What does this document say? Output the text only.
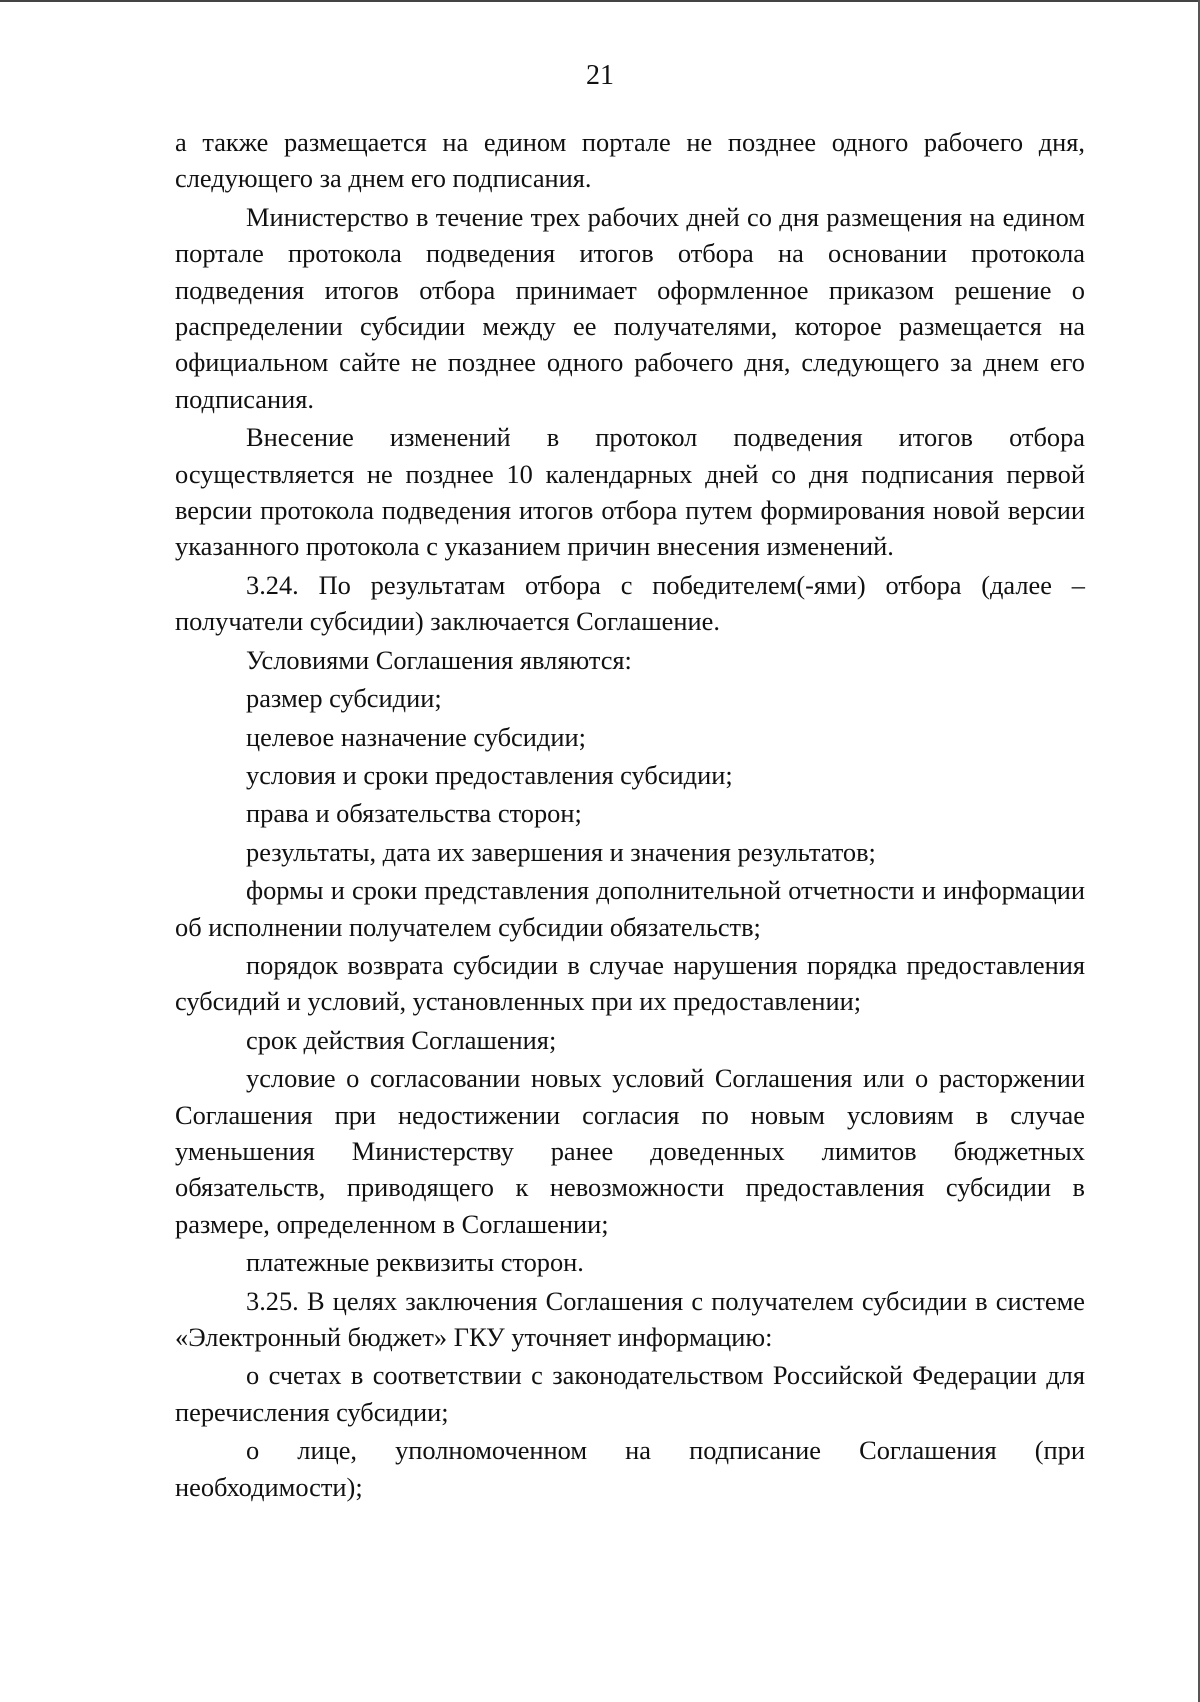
21

а также размещается на едином портале не позднее одного рабочего дня, следующего за днем его подписания.

Министерство в течение трех рабочих дней со дня размещения на едином портале протокола подведения итогов отбора на основании протокола подведения итогов отбора принимает оформленное приказом решение о распределении субсидии между ее получателями, которое размещается на официальном сайте не позднее одного рабочего дня, следующего за днем его подписания.

Внесение изменений в протокол подведения итогов отбора осуществляется не позднее 10 календарных дней со дня подписания первой версии протокола подведения итогов отбора путем формирования новой версии указанного протокола с указанием причин внесения изменений.

3.24. По результатам отбора с победителем(-ями) отбора (далее – получатели субсидии) заключается Соглашение.

Условиями Соглашения являются:

размер субсидии;

целевое назначение субсидии;

условия и сроки предоставления субсидии;

права и обязательства сторон;

результаты, дата их завершения и значения результатов;

формы и сроки представления дополнительной отчетности и информации об исполнении получателем субсидии обязательств;

порядок возврата субсидии в случае нарушения порядка предоставления субсидий и условий, установленных при их предоставлении;

срок действия Соглашения;

условие о согласовании новых условий Соглашения или о расторжении Соглашения при недостижении согласия по новым условиям в случае уменьшения Министерству ранее доведенных лимитов бюджетных обязательств, приводящего к невозможности предоставления субсидии в размере, определенном в Соглашении;

платежные реквизиты сторон.

3.25. В целях заключения Соглашения с получателем субсидии в системе «Электронный бюджет» ГКУ уточняет информацию:

о счетах в соответствии с законодательством Российской Федерации для перечисления субсидии;

о лице, уполномоченном на подписание Соглашения (при необходимости);
